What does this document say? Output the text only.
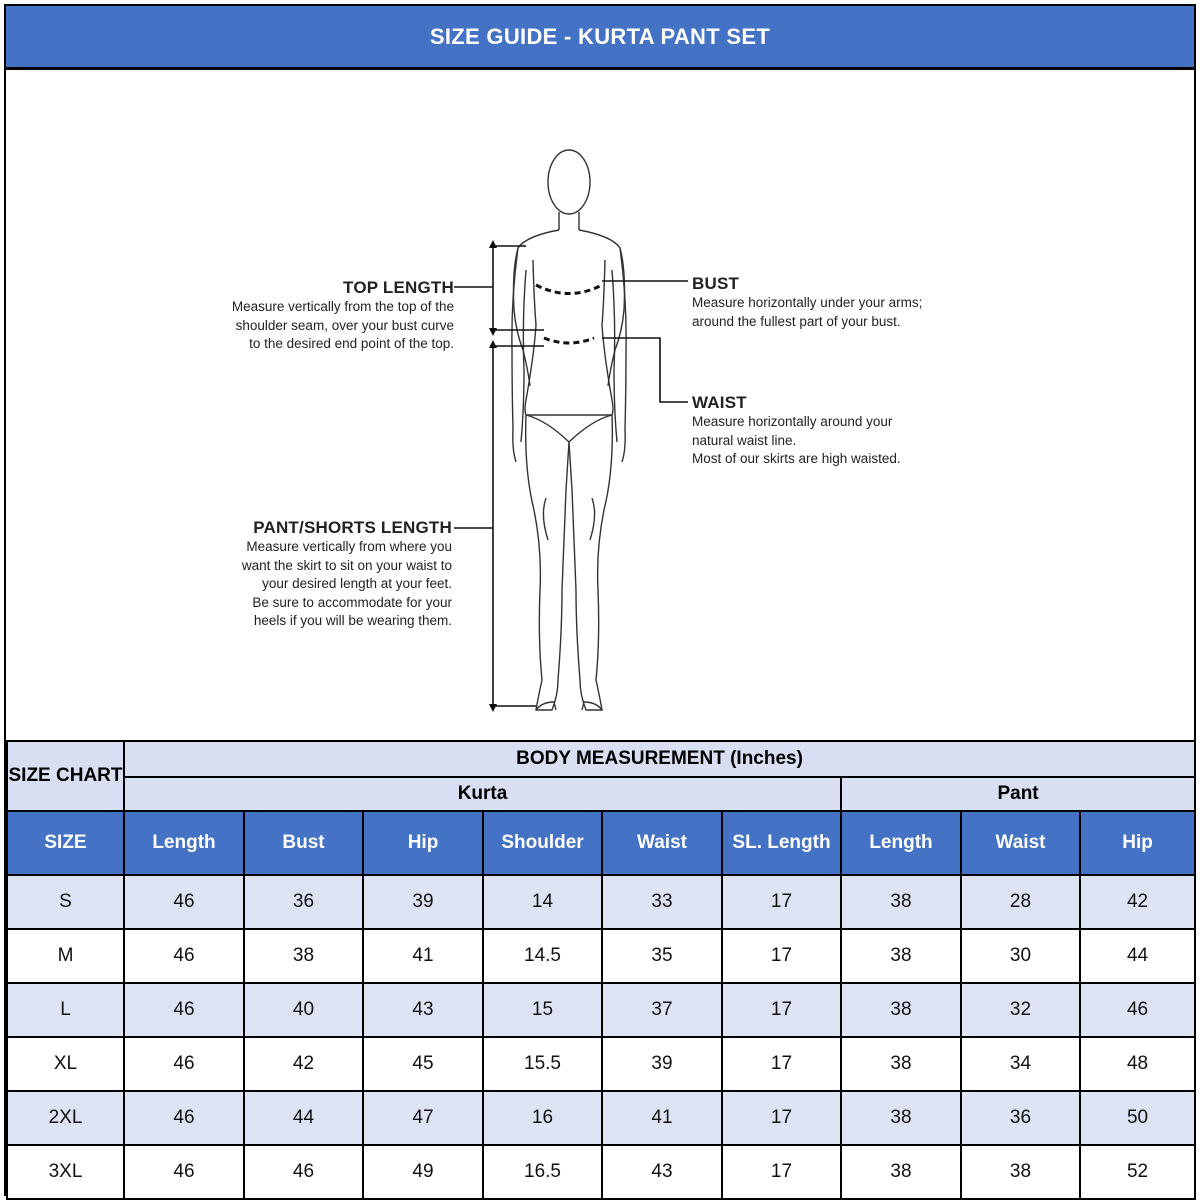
SIZE GUIDE - KURTA PANT SET
TOP LENGTH
Measure vertically from the top of the
shoulder seam, over your bust curve
to the desired end point of the top.
BUST
Measure horizontally under your arms;
around the fullest part of your bust.
WAIST
Measure horizontally around your
natural waist line.
Most of our skirts are high waisted.
PANT/SHORTS LENGTH
Measure vertically from where you
want the skirt to sit on your waist to
your desired length at your feet.
Be sure to accommodate for your
heels if you will be wearing them.
SIZE CHART	BODY MEASUREMENT (Inches)								
	Kurta						Pant		
SIZE	Length	Bust	Hip	Shoulder	Waist	SL. Length	Length	Waist	Hip
S	46	36	39	14	33	17	38	28	42
M	46	38	41	14.5	35	17	38	30	44
L	46	40	43	15	37	17	38	32	46
XL	46	42	45	15.5	39	17	38	34	48
2XL	46	44	47	16	41	17	38	36	50
3XL	46	46	49	16.5	43	17	38	38	52
